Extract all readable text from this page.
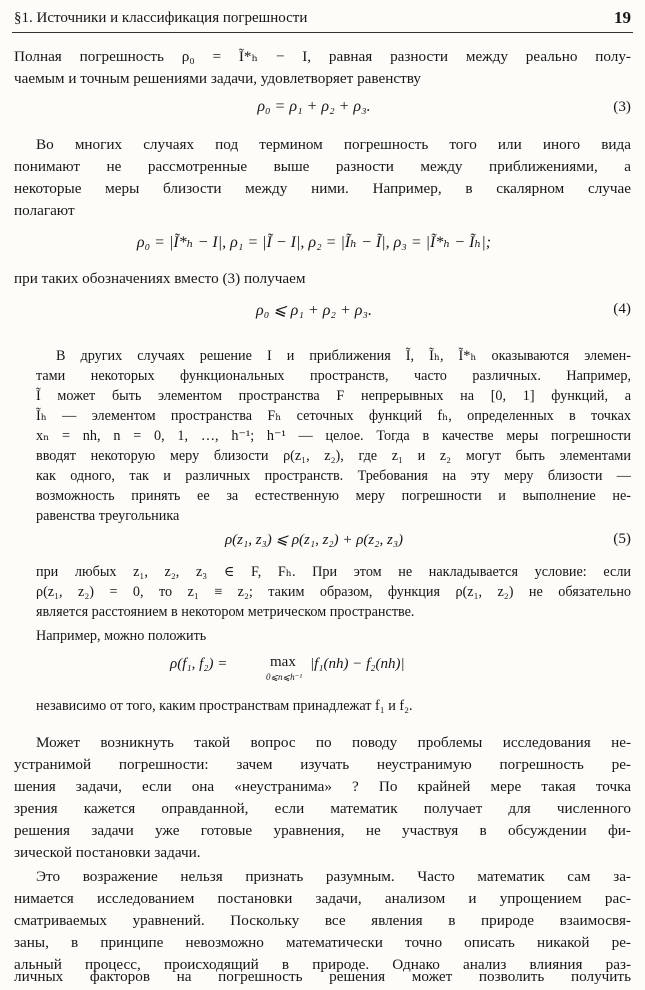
§1. Источники и классификация погрешности	19
Полная погрешность ρ₀ = Ĩ*ₕ − I, равная разности между реально полу-
чаемым и точным решениями задачи, удовлетворяет равенству
ρ₀ = ρ₁ + ρ₂ + ρ₃.	(3)
Во многих случаях под термином погрешность того или иного вида
понимают не рассмотренные выше разности между приближениями, а
некоторые меры близости между ними. Например, в скалярном случае
полагают
ρ₀ = |Ĩ*ₕ − I|, ρ₁ = |Ĩ − I|, ρ₂ = |Ĩₕ − Ĩ|, ρ₃ = |Ĩ*ₕ − Ĩₕ|;
при таких обозначениях вместо (3) получаем
ρ₀ ⩽ ρ₁ + ρ₂ + ρ₃.	(4)
В других случаях решение I и приближения Ĩ, Ĩₕ, Ĩ*ₕ оказываются элемен-
тами некоторых функциональных пространств, часто различных. Например,
Ĩ может быть элементом пространства F непрерывных на [0, 1] функций, а
Ĩₕ — элементом пространства Fₕ сеточных функций fₕ, определенных в точках
xₙ = nh, n = 0, 1, …, h⁻¹; h⁻¹ — целое. Тогда в качестве меры погрешности
вводят некоторую меру близости ρ(z₁, z₂), где z₁ и z₂ могут быть элементами
как одного, так и различных пространств. Требования на эту меру близости —
возможность принять ее за естественную меру погрешности и выполнение не-
равенства треугольника
ρ(z₁, z₃) ⩽ ρ(z₁, z₂) + ρ(z₂, z₃)	(5)
при любых z₁, z₂, z₃ ∈ F, Fₕ. При этом не накладывается условие: если
ρ(z₁, z₂) = 0, то z₁ ≡ z₂; таким образом, функция ρ(z₁, z₂) не обязательно
является расстоянием в некотором метрическом пространстве.
Например, можно положить
ρ(f₁, f₂) =	max
0⩽n⩽h⁻¹
|f₁(nh) − f₂(nh)|
независимо от того, каким пространствам принадлежат f₁ и f₂.
Может возникнуть такой вопрос по поводу проблемы исследования не-
устранимой погрешности: зачем изучать неустранимую погрешность ре-
шения задачи, если она «неустранима» ? По крайней мере такая точка
зрения кажется оправданной, если математик получает для численного
решения задачи уже готовые уравнения, не участвуя в обсуждении фи-
зической постановки задачи.
Это возражение нельзя признать разумным. Часто математик сам за-
нимается исследованием постановки задачи, анализом и упрощением рас-
сматриваемых уравнений. Поскольку все явления в природе взаимосвя-
заны, в принципе невозможно математически точно описать никакой ре-
альный процесс, происходящий в природе. Однако анализ влияния раз-
личных факторов на погрешность решения может позволить получить
